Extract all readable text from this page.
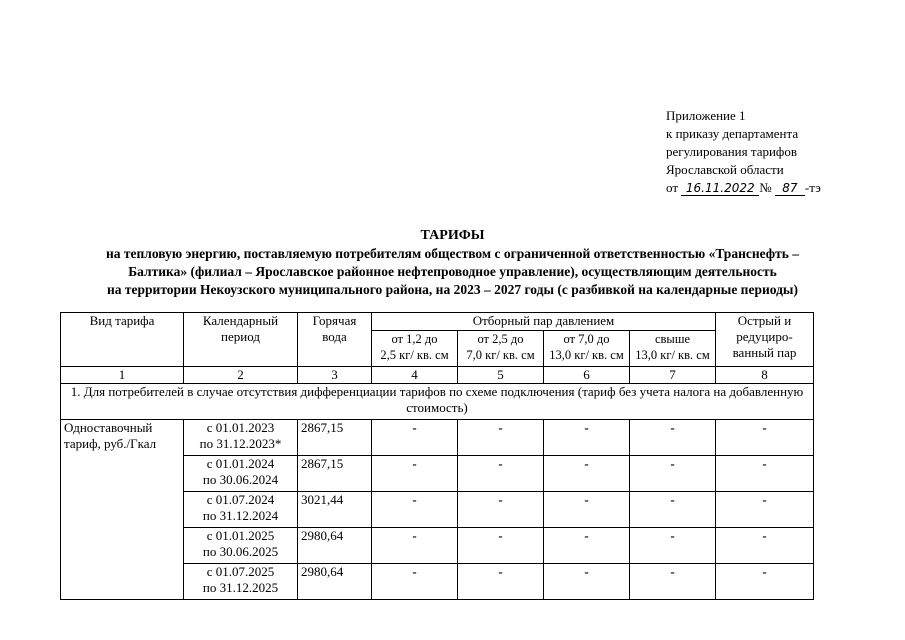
Приложение 1
к приказу департамента
регулирования тарифов
Ярославской области
от 16.11.2022 № 87 -тэ
ТАРИФЫ
на тепловую энергию, поставляемую потребителям обществом с ограниченной ответственностью «Транснефть –
Балтика» (филиал – Ярославское районное нефтепроводное управление), осуществляющим деятельность
на территории Некоузского муниципального района, на 2023 – 2027 годы (с разбивкой на календарные периоды)
Вид тарифа	Календарный период	Горячая вода	Отборный пар давлением				Острый и редуциро-ванный пар
			от 1,2 до
2,5 кг/ кв. см	от 2,5 до
7,0 кг/ кв. см	от 7,0 до
13,0 кг/ кв. см	свыше
13,0 кг/ кв. см	
1	2	3	4	5	6	7	8
1. Для потребителей в случае отсутствия дифференциации тарифов по схеме подключения (тариф без учета налога на добавленную стоимость)							
Одноставочный тариф, руб./Гкал	с 01.01.2023
по 31.12.2023*	2867,15	-	-	-	-	-
	с 01.01.2024
по 30.06.2024	2867,15	-	-	-	-	-
	с 01.07.2024
по 31.12.2024	3021,44	-	-	-	-	-
	с 01.01.2025
по 30.06.2025	2980,64	-	-	-	-	-
	с 01.07.2025
по 31.12.2025	2980,64	-	-	-	-	-
